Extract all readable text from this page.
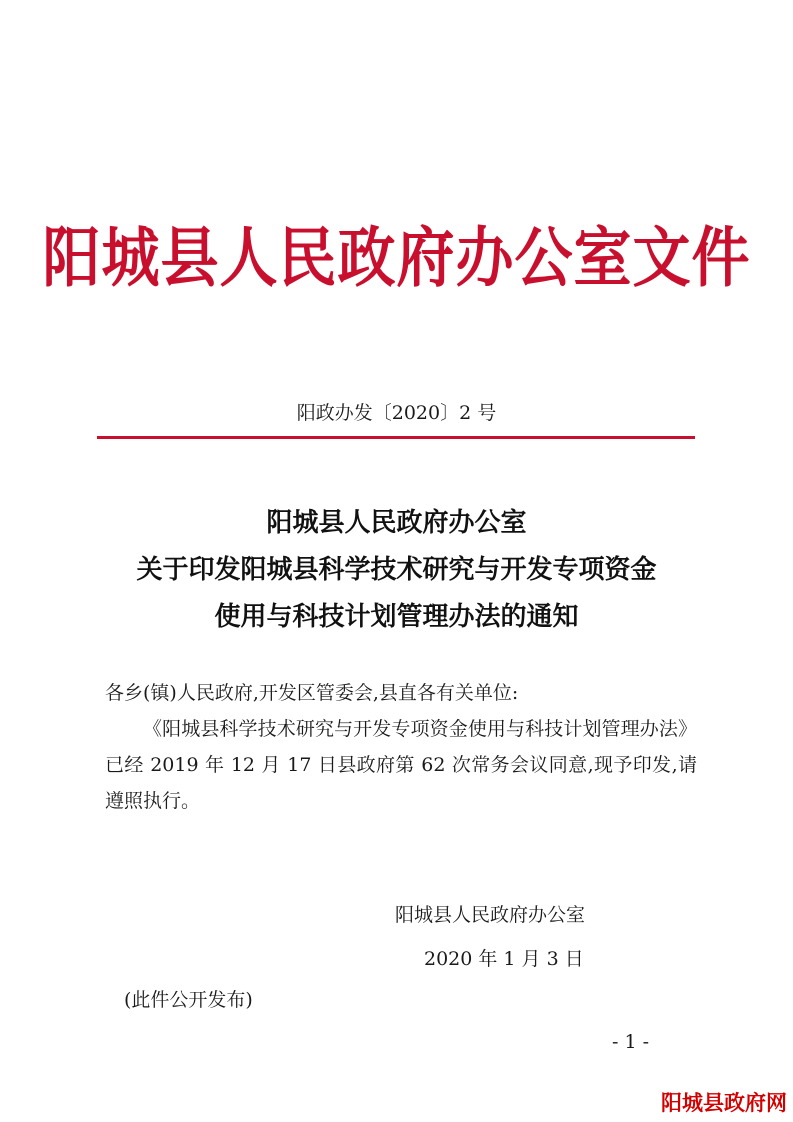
阳城县人民政府办公室文件
阳政办发〔2020〕2 号
阳城县人民政府办公室
关于印发阳城县科学技术研究与开发专项资金
使用与科技计划管理办法的通知
各乡(镇)人民政府,开发区管委会,县直各有关单位:
《阳城县科学技术研究与开发专项资金使用与科技计划管理办法》已经 2019 年 12 月 17 日县政府第 62 次常务会议同意,现予印发,请遵照执行。
阳城县人民政府办公室
2020 年 1 月 3 日
(此件公开发布)
- 1 -
阳城县政府网
